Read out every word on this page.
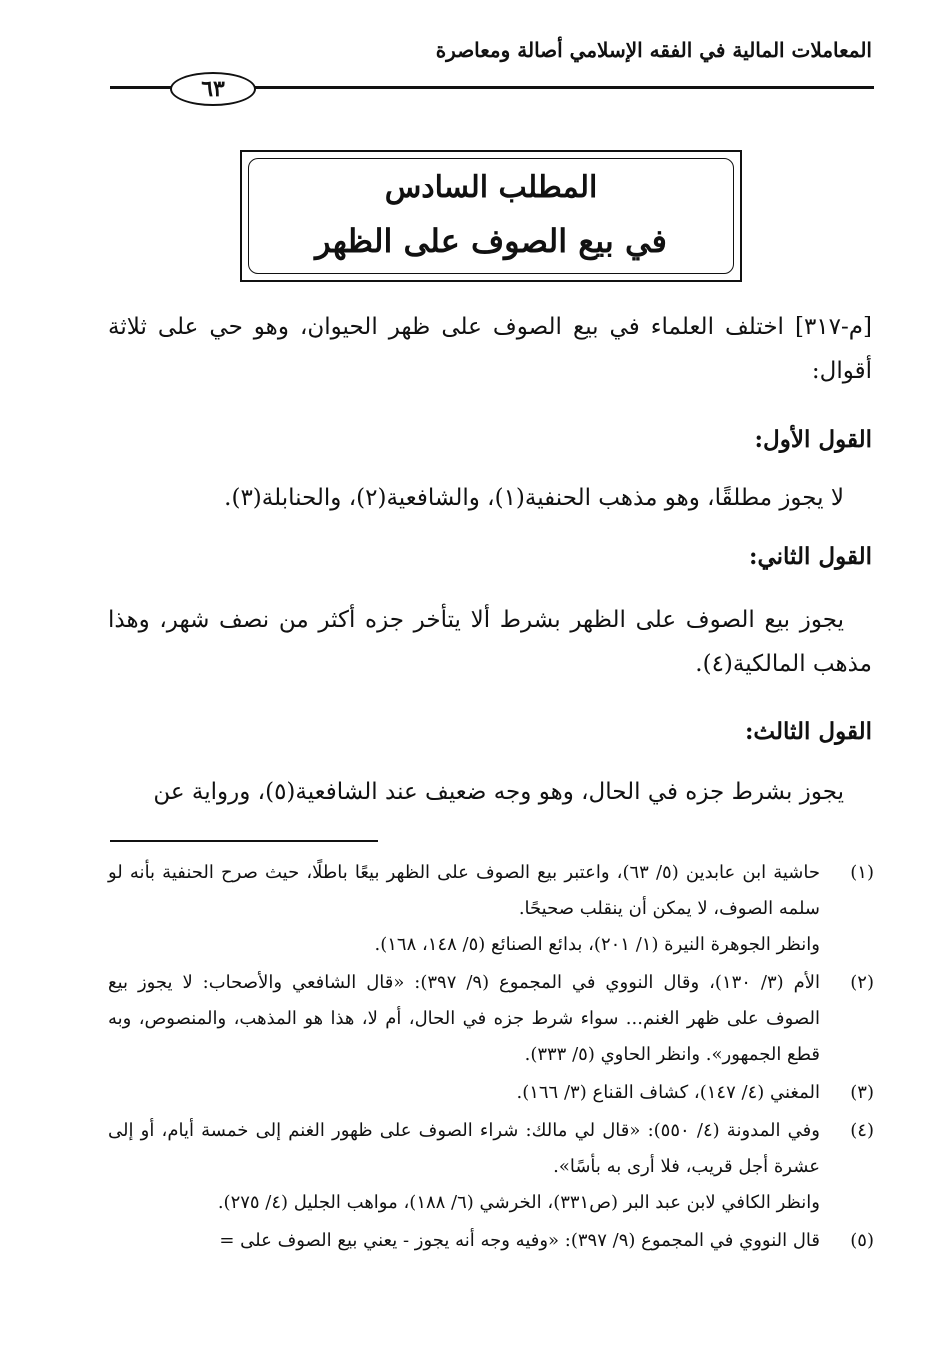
المعاملات المالية في الفقه الإسلامي أصالة ومعاصرة
٦٣
المطلب السادس
في بيع الصوف على الظهر
[م-٣١٧] اختلف العلماء في بيع الصوف على ظهر الحيوان، وهو حي على ثلاثة أقوال:
القول الأول:
لا يجوز مطلقًا، وهو مذهب الحنفية(١)، والشافعية(٢)، والحنابلة(٣).
القول الثاني:
يجوز بيع الصوف على الظهر بشرط ألا يتأخر جزه أكثر من نصف شهر، وهذا مذهب المالكية(٤).
القول الثالث:
يجوز بشرط جزه في الحال، وهو وجه ضعيف عند الشافعية(٥)، ورواية عن
(١)

حاشية ابن عابدين (٥/ ٦٣)، واعتبر بيع الصوف على الظهر بيعًا باطلًا، حيث صرح الحنفية بأنه لو سلمه الصوف، لا يمكن أن ينقلب صحيحًا.

وانظر الجوهرة النيرة (١/ ٢٠١)، بدائع الصنائع (٥/ ١٤٨، ١٦٨).

(٢)

الأم (٣/ ١٣٠)، وقال النووي في المجموع (٩/ ٣٩٧): «قال الشافعي والأصحاب: لا يجوز بيع الصوف على ظهر الغنم... سواء شرط جزه في الحال، أم لا، هذا هو المذهب، والمنصوص، وبه قطع الجمهور». وانظر الحاوي (٥/ ٣٣٣).

(٣)

المغني (٤/ ١٤٧)، كشاف القناع (٣/ ١٦٦).

(٤)

وفي المدونة (٤/ ٥٥٠): «قال لي مالك: شراء الصوف على ظهور الغنم إلى خمسة أيام، أو إلى عشرة أجل قريب، فلا أرى به بأسًا».

وانظر الكافي لابن عبد البر (ص٣٣١)، الخرشي (٦/ ١٨٨)، مواهب الجليل (٤/ ٢٧٥).

(٥)

قال النووي في المجموع (٩/ ٣٩٧): «وفيه وجه أنه يجوز - يعني بيع الصوف على =
